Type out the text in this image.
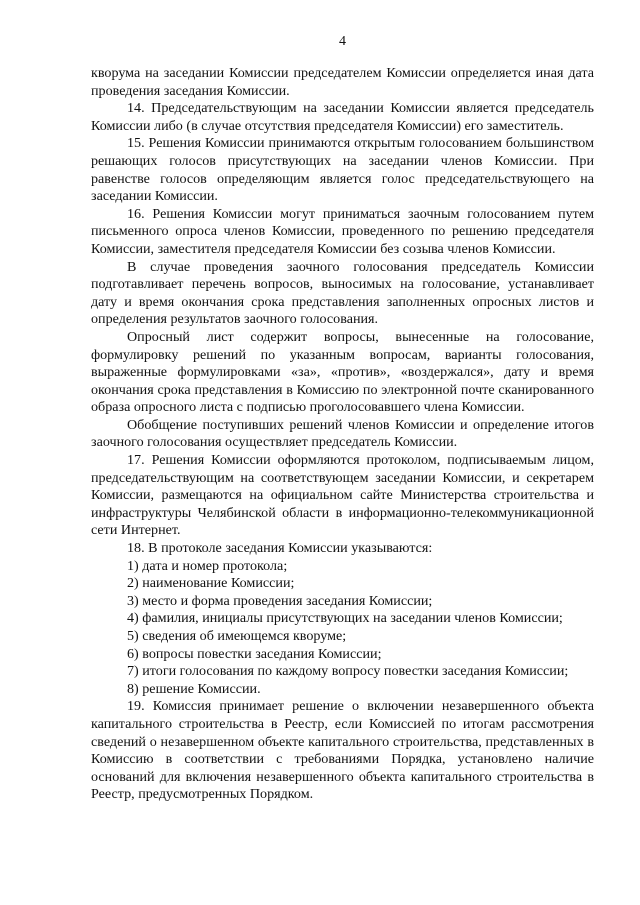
4

кворума на заседании Комиссии председателем Комиссии определяется иная дата проведения заседания Комиссии.

14. Председательствующим на заседании Комиссии является председатель Комиссии либо (в случае отсутствия председателя Комиссии) его заместитель.

15. Решения Комиссии принимаются открытым голосованием большинством решающих голосов присутствующих на заседании членов Комиссии. При равенстве голосов определяющим является голос председательствующего на заседании Комиссии.

16. Решения Комиссии могут приниматься заочным голосованием путем письменного опроса членов Комиссии, проведенного по решению председателя Комиссии, заместителя председателя Комиссии без созыва членов Комиссии.

В случае проведения заочного голосования председатель Комиссии подготавливает перечень вопросов, выносимых на голосование, устанавливает дату и время окончания срока представления заполненных опросных листов и определения результатов заочного голосования.

Опросный лист содержит вопросы, вынесенные на голосование, формулировку решений по указанным вопросам, варианты голосования, выраженные формулировками «за», «против», «воздержался», дату и время окончания срока представления в Комиссию по электронной почте сканированного образа опросного листа с подписью проголосовавшего члена Комиссии.

Обобщение поступивших решений членов Комиссии и определение итогов заочного голосования осуществляет председатель Комиссии.

17. Решения Комиссии оформляются протоколом, подписываемым лицом, председательствующим на соответствующем заседании Комиссии, и секретарем Комиссии, размещаются на официальном сайте Министерства строительства и инфраструктуры Челябинской области в информационно-телекоммуникационной сети Интернет.

18. В протоколе заседания Комиссии указываются:

1) дата и номер протокола;

2) наименование Комиссии;

3) место и форма проведения заседания Комиссии;

4) фамилия, инициалы присутствующих на заседании членов Комиссии;

5) сведения об имеющемся кворуме;

6) вопросы повестки заседания Комиссии;

7) итоги голосования по каждому вопросу повестки заседания Комиссии;

8) решение Комиссии.

19. Комиссия принимает решение о включении незавершенного объекта капитального строительства в Реестр, если Комиссией по итогам рассмотрения сведений о незавершенном объекте капитального строительства, представленных в Комиссию в соответствии с требованиями Порядка, установлено наличие оснований для включения незавершенного объекта капитального строительства в Реестр, предусмотренных Порядком.
